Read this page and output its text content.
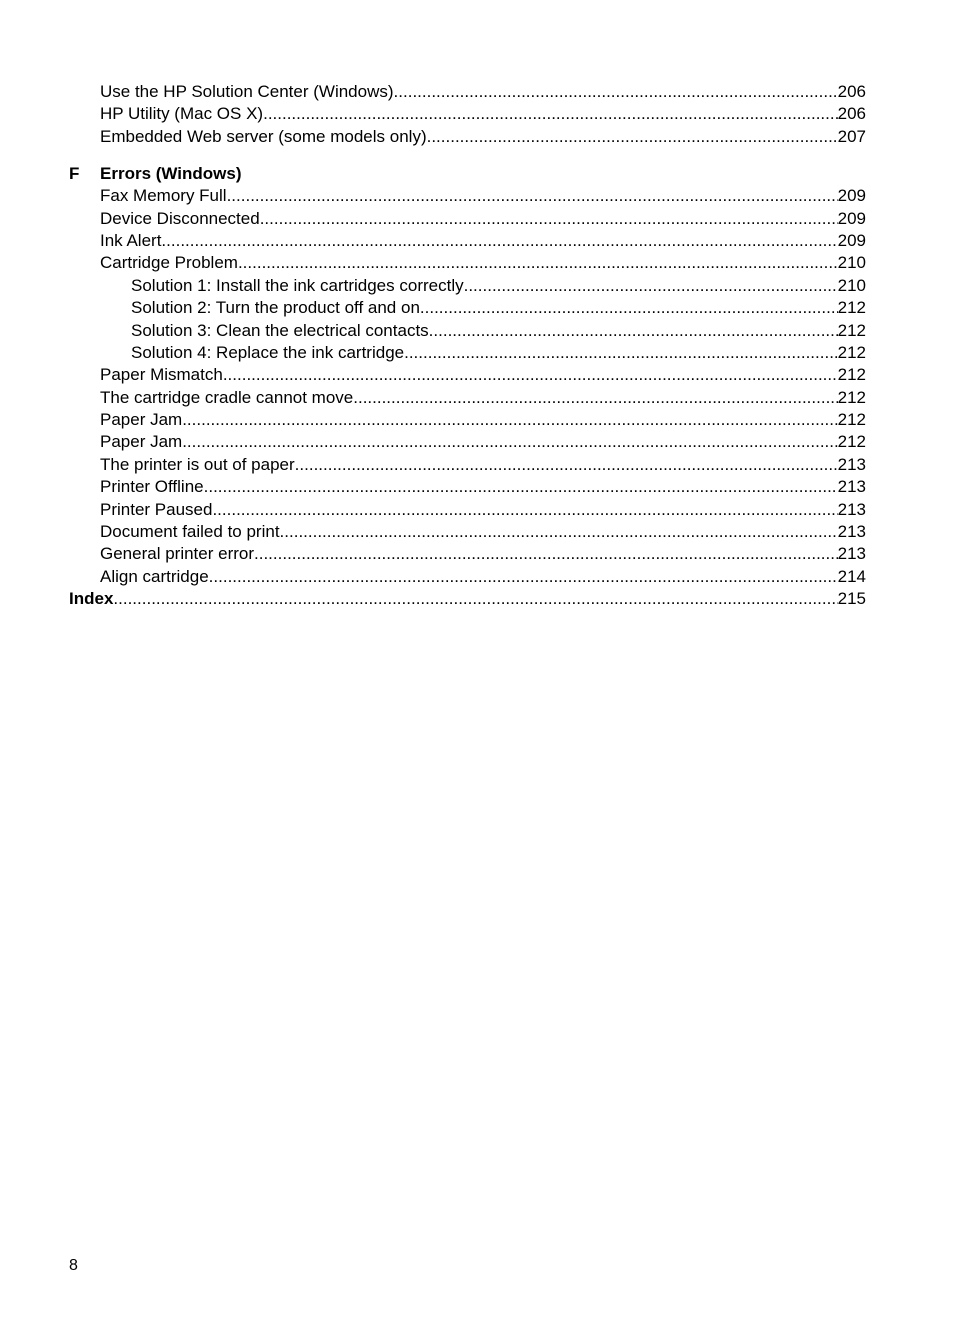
Use the HP Solution Center (Windows) .....	206
HP Utility (Mac OS X) .....	206
Embedded Web server (some models only) .....	207
F	Errors (Windows)
Fax Memory Full .....	209
Device Disconnected .....	209
Ink Alert .....	209
Cartridge Problem .....	210
Solution 1: Install the ink cartridges correctly .....	210
Solution 2: Turn the product off and on .....	212
Solution 3: Clean the electrical contacts .....	212
Solution 4: Replace the ink cartridge .....	212
Paper Mismatch .....	212
The cartridge cradle cannot move .....	212
Paper Jam .....	212
Paper Jam .....	212
The printer is out of paper .....	213
Printer Offline .....	213
Printer Paused .....	213
Document failed to print .....	213
General printer error .....	213
Align cartridge .....	214
Index .....	215
8
